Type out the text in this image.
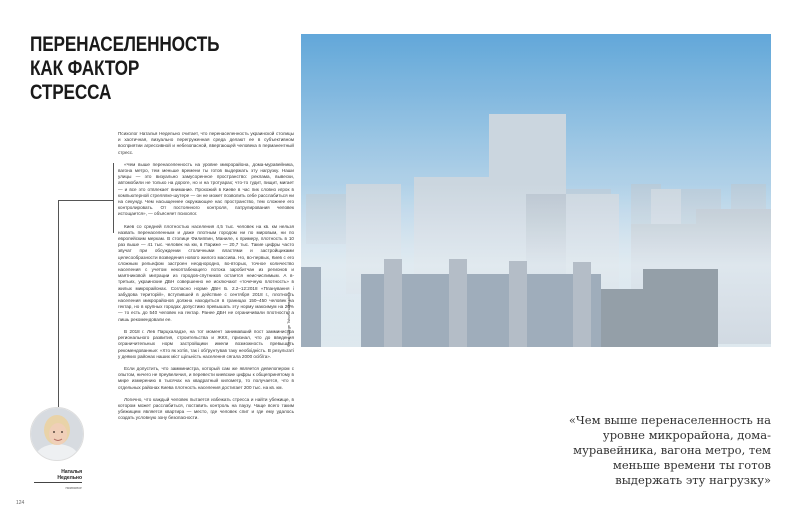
ПЕРЕНАСЕЛЕННОСТЬ
КАК ФАКТОР
СТРЕССА

Психолог Наталья Недельно считает, что перенаселенность украинской столицы и хаотичная, визуально перегруженная среда делают ее в субъективном восприятии агрессивной и небезопасной, ввергающей человека в перманентный стресс.

«Чем выше перенаселенность на уровне микрорайона, дома-муравейника, вагона метро, тем меньше времени ты готов выдержать эту нагрузку. Наши улицы — это визуально замусоренное пространство: реклама, вывески, автомобили не только на дороге, но и на тротуарах; что-то гудит, пищит, мигает — и все это отвлекает внимание. Прохожий в Киеве в час пик словно игрок в компьютерной стрелялке-шутере — он не может позволить себе расслабиться ни на секунду. Чем насыщеннее окружающее нас пространство, тем сложнее его контролировать. От постоянного контроля, патрулирования человек истощается», — объясняет психолог.

Киев со средней плотностью населения 4,5 тыс. человек на кв. км нельзя назвать перенаселенным и даже плотным городом ни по мировым, ни по европейским меркам. В столице Филиппин, Маниле, к примеру, плотность в 10 раз выше — 41 тыс. человек на км, в Париже — 20,7 тыс. Такие цифры часто звучат при обсуждении столичными властями и застройщиками целесообразности возведения нового жилого массива. Но, во-первых, Киев с его сложным рельефом застроен неоднородно, во-вторых, точное количество населения с учетом некоптабеющего потока заробитчан из регионов и маятниковой миграции из городов-спутников остается неисчислимым. А в-третьих, украинские ДБН совершенно не исключают «точечную плотность» в жилых микрорайонах. Согласно норме ДБН Б. 2.2–12:2018 «Планування і забудова територій», вступившей в действие с сентября 2018 г., плотность населения микрорайонов должна находиться в границах 150–450 человек на гектар, но в крупных городах допустимо превышать эту норму максимум на 20% — то есть до 540 человек на гектар. Ранее ДБН не ограничивали плотность, а лишь рекомендовали ее.

В 2018 г. Лев Парцхаладзе, на тот момент занимавший пост замминистра регионального развития, строительства и ЖКХ, признал, что до введения ограничительных норм застройщики имели возможность превышать рекомендованные: «Хто як хотів, так і обґрунтував таку необхідність. В результаті у деяких районах наших міст щільність населення сягала 2000 осіб/га».

Если допустить, что замминистра, который сам же является девелопером с опытом, ничего не преувеличил, и перевести киевские цифры к общепринятому в мире измерению в тысячах на квадратный километр, то получается, что в отдельных районах Киева плотность населения достигает 200 тыс. на кв. км.

Логично, что каждый человек пытается избежать стресса и найти убежище, в котором может расслабиться, поставить контроль на паузу. Чаще всего таким убежищем является квартира — место, где человек спит и где ему удалось создать условную зону безопасности.

Фото: Serge Tsho/Shutterstock
Наталья
Недельно
психолог
124
«Чем выше перенаселенность на уровне микрорайона, дома-муравейника, вагона метро, тем меньше времени ты готов выдержать эту нагрузку»
